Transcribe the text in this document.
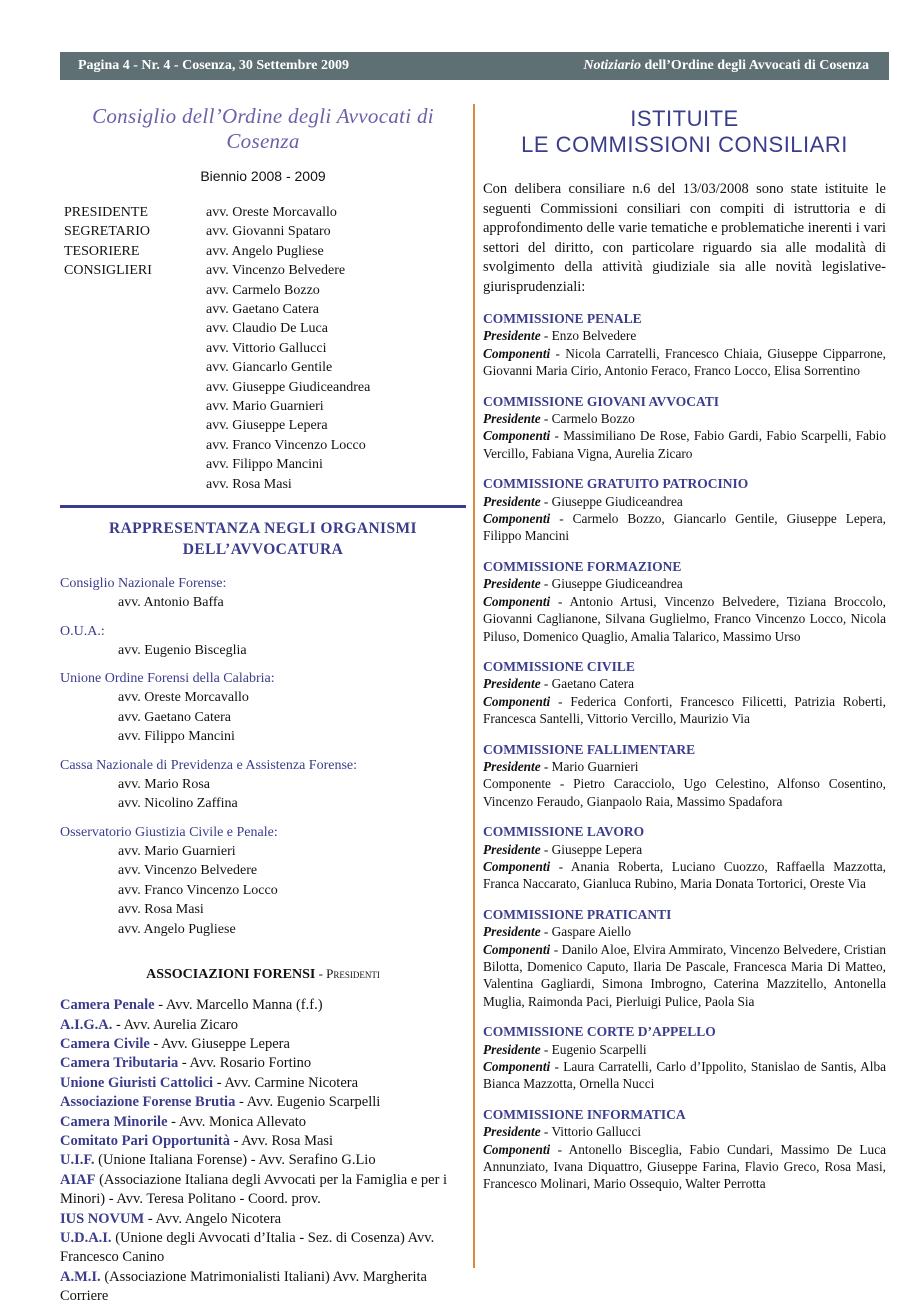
Pagina 4 - Nr. 4 - Cosenza, 30 Settembre 2009	Notiziario dell’Ordine degli Avvocati di Cosenza
Consiglio dell’Ordine degli Avvocati di Cosenza
Biennio 2008 - 2009
PRESIDENTE	avv. Oreste Morcavallo
SEGRETARIO	avv. Giovanni Spataro
TESORIERE	avv. Angelo Pugliese
CONSIGLIERI	avv. Vincenzo Belvedere
avv. Carmelo Bozzo
avv. Gaetano Catera
avv. Claudio De Luca
avv. Vittorio Gallucci
avv. Giancarlo Gentile
avv. Giuseppe Giudiceandrea
avv. Mario Guarnieri
avv. Giuseppe Lepera
avv. Franco Vincenzo Locco
avv. Filippo Mancini
avv. Rosa Masi
RAPPRESENTANZA NEGLI ORGANISMI
DELL’AVVOCATURA
Consiglio Nazionale Forense:
avv. Antonio Baffa
O.U.A.:
avv. Eugenio Bisceglia
Unione Ordine Forensi della Calabria:
avv. Oreste Morcavallo
avv. Gaetano Catera
avv. Filippo Mancini
Cassa Nazionale di Previdenza e Assistenza Forense:
avv. Mario Rosa
avv. Nicolino Zaffina
Osservatorio Giustizia Civile e Penale:
avv. Mario Guarnieri
avv. Vincenzo Belvedere
avv. Franco Vincenzo Locco
avv. Rosa Masi
avv. Angelo Pugliese
ASSOCIAZIONI FORENSI - Presidenti
Camera Penale - Avv. Marcello Manna (f.f.)
A.I.G.A. - Avv. Aurelia Zicaro
Camera Civile - Avv. Giuseppe Lepera
Camera Tributaria - Avv. Rosario Fortino
Unione Giuristi Cattolici - Avv. Carmine Nicotera
Associazione Forense Brutia - Avv. Eugenio Scarpelli
Camera Minorile - Avv. Monica Allevato
Comitato Pari Opportunità - Avv. Rosa Masi
U.I.F. (Unione Italiana Forense) - Avv. Serafino G.Lio
AIAF (Associazione Italiana degli Avvocati per la Famiglia e per i Minori) - Avv. Teresa Politano - Coord. prov.
IUS NOVUM - Avv. Angelo Nicotera
U.D.A.I. (Unione degli Avvocati d’Italia - Sez. di Cosenza) Avv. Francesco Canino
A.M.I. (Associazione Matrimonialisti Italiani) Avv. Margherita Corriere
ISTITUITE
LE COMMISSIONI CONSILIARI
Con delibera consiliare n.6 del 13/03/2008 sono state istituite le seguenti Commissioni consiliari con compiti di istruttoria e di approfondimento delle varie tematiche e problematiche inerenti i vari settori del diritto, con particolare riguardo sia alle modalità di svolgimento della attività giudiziale sia alle novità legislative-giurisprudenziali:
COMMISSIONE PENALE
Presidente - Enzo Belvedere
Componenti - Nicola Carratelli, Francesco Chiaia, Giuseppe Cipparrone, Giovanni Maria Cirio, Antonio Feraco, Franco Locco, Elisa Sorrentino
COMMISSIONE GIOVANI AVVOCATI
Presidente - Carmelo Bozzo
Componenti - Massimiliano De Rose, Fabio Gardi, Fabio Scarpelli, Fabio Vercillo, Fabiana Vigna, Aurelia Zicaro
COMMISSIONE GRATUITO PATROCINIO
Presidente - Giuseppe Giudiceandrea
Componenti - Carmelo Bozzo, Giancarlo Gentile, Giuseppe Lepera, Filippo Mancini
COMMISSIONE FORMAZIONE
Presidente - Giuseppe Giudiceandrea
Componenti - Antonio Artusi, Vincenzo Belvedere, Tiziana Broccolo, Giovanni Caglianone, Silvana Guglielmo, Franco Vincenzo Locco, Nicola Piluso, Domenico Quaglio, Amalia Talarico, Massimo Urso
COMMISSIONE CIVILE
Presidente - Gaetano Catera
Componenti - Federica Conforti, Francesco Filicetti, Patrizia Roberti, Francesca Santelli, Vittorio Vercillo, Maurizio Via
COMMISSIONE FALLIMENTARE
Presidente - Mario Guarnieri
Componente - Pietro Caracciolo, Ugo Celestino, Alfonso Cosentino, Vincenzo Feraudo, Gianpaolo Raia, Massimo Spadafora
COMMISSIONE LAVORO
Presidente - Giuseppe Lepera
Componenti - Anania Roberta, Luciano Cuozzo, Raffaella Mazzotta, Franca Naccarato, Gianluca Rubino, Maria Donata Tortorici, Oreste Via
COMMISSIONE PRATICANTI
Presidente - Gaspare Aiello
Componenti - Danilo Aloe, Elvira Ammirato, Vincenzo Belvedere, Cristian Bilotta, Domenico Caputo, Ilaria De Pascale, Francesca Maria Di Matteo, Valentina Gagliardi, Simona Imbrogno, Caterina Mazzitello, Antonella Muglia, Raimonda Paci, Pierluigi Pulice, Paola Sia
COMMISSIONE CORTE D’APPELLO
Presidente - Eugenio Scarpelli
Componenti - Laura Carratelli, Carlo d’Ippolito, Stanislao de Santis, Alba Bianca Mazzotta, Ornella Nucci
COMMISSIONE INFORMATICA
Presidente - Vittorio Gallucci
Componenti - Antonello Bisceglia, Fabio Cundari, Massimo De Luca Annunziato, Ivana Diquattro, Giuseppe Farina, Flavio Greco, Rosa Masi, Francesco Molinari, Mario Ossequio, Walter Perrotta
